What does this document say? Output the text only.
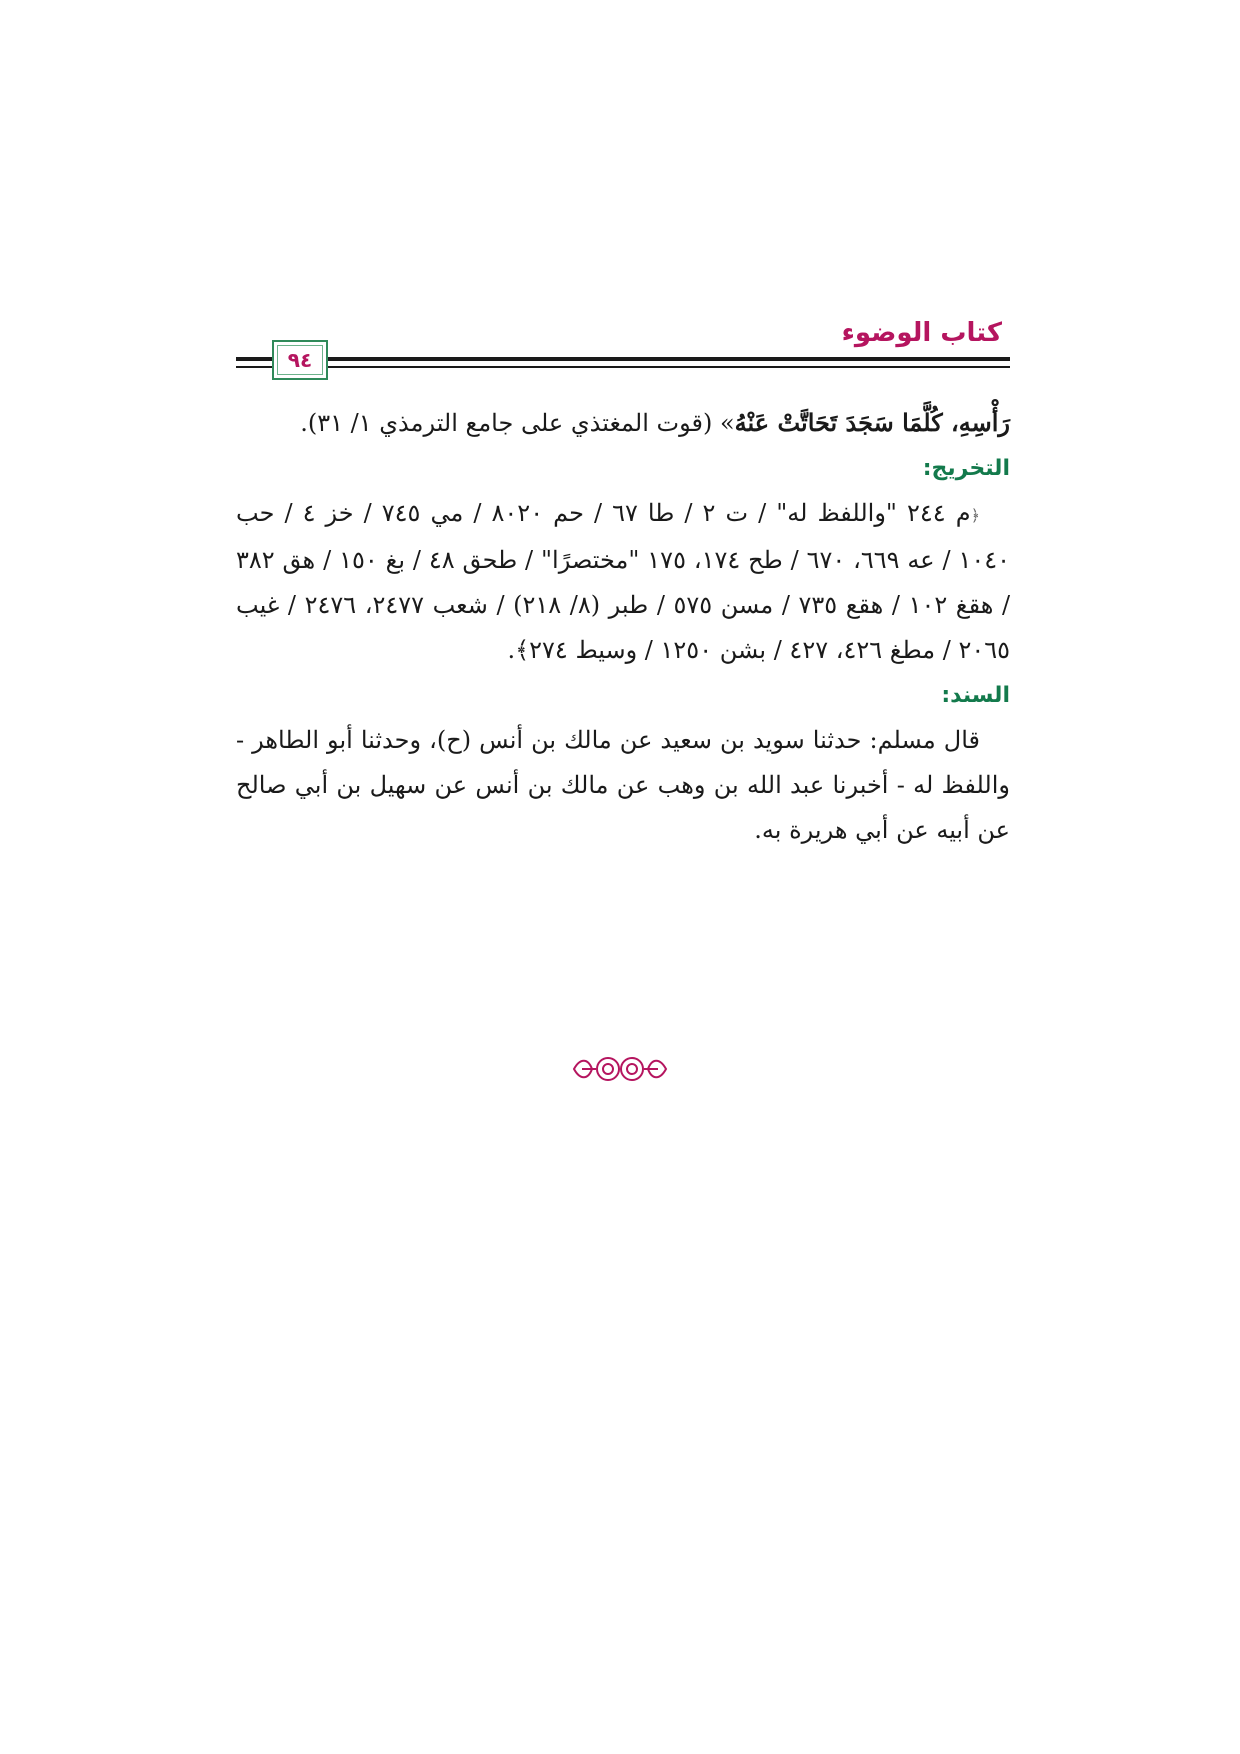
كتاب الوضوء
٩٤

رَأْسِهِ، كُلَّمَا سَجَدَ تَحَاتَّتْ عَنْهُ» (قوت المغتذي على جامع الترمذي ١/ ٣١).

التخريج:

﴿م ٢٤٤ "واللفظ له" / ت ٢ / طا ٦٧ / حم ٨٠٢٠ / مي ٧٤٥ / خز ٤ / حب ١٠٤٠ / عه ٦٦٩، ٦٧٠ / طح ١٧٤، ١٧٥ "مختصرًا" / طحق ٤٨ / بغ ١٥٠ / هق ٣٨٢ / هقغ ١٠٢ / هقع ٧٣٥ / مسن ٥٧٥ / طبر (٨/ ٢١٨) / شعب ٢٤٧٧، ٢٤٧٦ / غيب ٢٠٦٥ / مطغ ٤٢٦، ٤٢٧ / بشن ١٢٥٠ / وسيط ٢٧٤﴾.

السند:

قال مسلم: حدثنا سويد بن سعيد عن مالك بن أنس (ح)، وحدثنا أبو الطاهر - واللفظ له - أخبرنا عبد الله بن وهب عن مالك بن أنس عن سهيل بن أبي صالح عن أبيه عن أبي هريرة به.
